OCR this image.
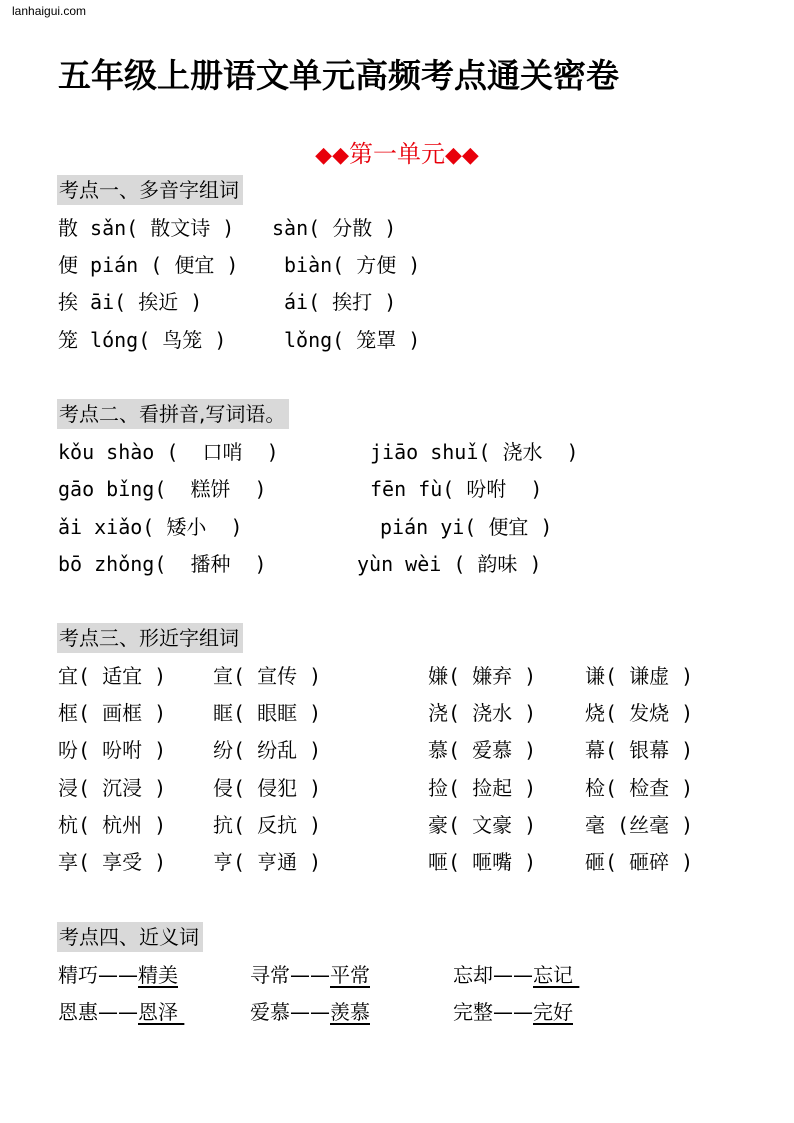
lanhaigui.com
五年级上册语文单元高频考点通关密卷
◆◆第一单元◆◆
考点一、多音字组词
散 sǎn( 散文诗 ) sàn( 分散 )
便 pián ( 便宜 ) biàn( 方便 )
挨 āi( 挨近 )	ái( 挨打 )
笼 lóng( 鸟笼 )	lǒng( 笼罩 )
考点二、看拼音,写词语。
kǒu shào (  口哨  )	jiāo shuǐ( 浇水  )
gāo bǐng(  糕饼  )	fēn fù( 吩咐  )
ǎi xiǎo( 矮小  )	pián yi( 便宜 )
bō zhǒng(  播种  )	yùn wèi ( 韵味 )
考点三、形近字组词
宜( 适宜 ) 宣( 宣传 )	嫌( 嫌弃 ) 谦( 谦虚 )
框( 画框 ) 眶( 眼眶 )	浇( 浇水 ) 烧( 发烧 )
吩( 吩咐 ) 纷( 纷乱 )	慕( 爱慕 ) 幕( 银幕 )
浸( 沉浸 ) 侵( 侵犯 )	捡( 捡起 ) 检( 检查 )
杭( 杭州 ) 抗( 反抗 )	豪( 文豪 ) 毫 (丝毫 )
享( 享受 ) 亨( 亨通 )	咂( 咂嘴 ) 砸( 砸碎 )
考点四、近义词
精巧——精美	寻常——平常	忘却——忘记
恩惠——恩泽	爱慕——羡慕	完整——完好
